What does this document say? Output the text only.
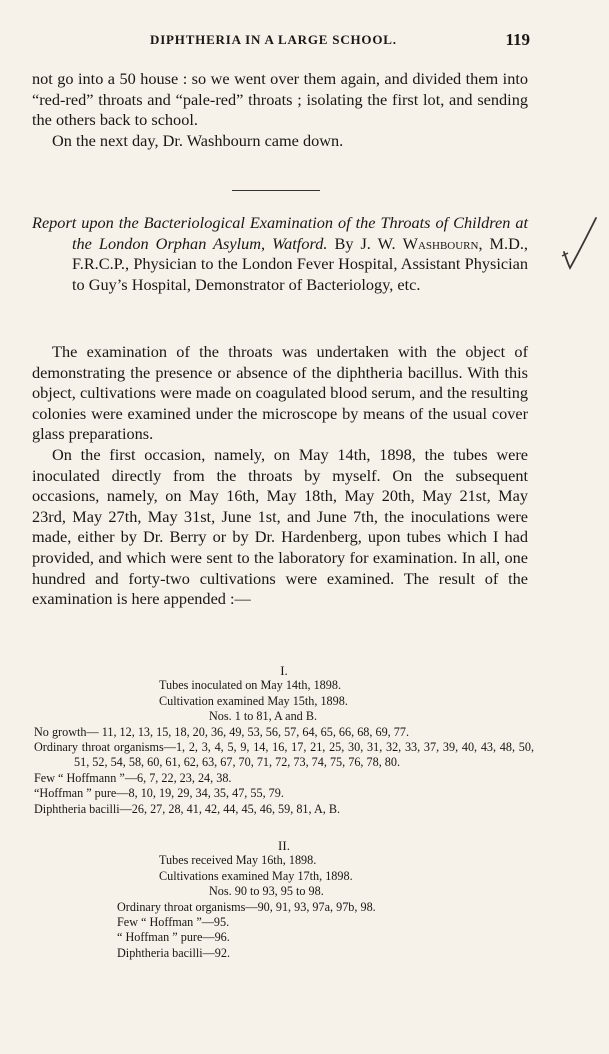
DIPHTHERIA IN A LARGE SCHOOL.	119

not go into a 50 house : so we went over them again, and divided them into “red-red” throats and “pale-red” throats ; isolating the first lot, and sending the others back to school.

On the next day, Dr. Washbourn came down.

Report upon the Bacteriological Examination of the Throats of Children at the London Orphan Asylum, Watford. By J. W. Washbourn, M.D., F.R.C.P., Physician to the London Fever Hospital, Assistant Physician to Guy’s Hospital, Demonstrator of Bacteriology, etc.

The examination of the throats was undertaken with the object of demonstrating the presence or absence of the diphtheria bacillus. With this object, cultivations were made on coagulated blood serum, and the resulting colonies were examined under the microscope by means of the usual cover glass preparations.

On the first occasion, namely, on May 14th, 1898, the tubes were inoculated directly from the throats by myself. On the subsequent occasions, namely, on May 16th, May 18th, May 20th, May 21st, May 23rd, May 27th, May 31st, June 1st, and June 7th, the inoculations were made, either by Dr. Berry or by Dr. Hardenberg, upon tubes which I had provided, and which were sent to the laboratory for examination. In all, one hundred and forty-two cultivations were examined. The result of the examination is here appended :—

I.

Tubes inoculated on May 14th, 1898.

Cultivation examined May 15th, 1898.

Nos. 1 to 81, A and B.

No growth— 11, 12, 13, 15, 18, 20, 36, 49, 53, 56, 57, 64, 65, 66, 68, 69, 77.

Ordinary throat organisms—1, 2, 3, 4, 5, 9, 14, 16, 17, 21, 25, 30, 31, 32, 33, 37, 39, 40, 43, 48, 50, 51, 52, 54, 58, 60, 61, 62, 63, 67, 70, 71, 72, 73, 74, 75, 76, 78, 80.

Few “ Hoffmann ”—6, 7, 22, 23, 24, 38.

“Hoffman ” pure—8, 10, 19, 29, 34, 35, 47, 55, 79.

Diphtheria bacilli—26, 27, 28, 41, 42, 44, 45, 46, 59, 81, A, B.

II.

Tubes received May 16th, 1898.

Cultivations examined May 17th, 1898.

Nos. 90 to 93, 95 to 98.

Ordinary throat organisms—90, 91, 93, 97a, 97b, 98.

Few “ Hoffman ”—95.

“ Hoffman ” pure—96.

Diphtheria bacilli—92.
